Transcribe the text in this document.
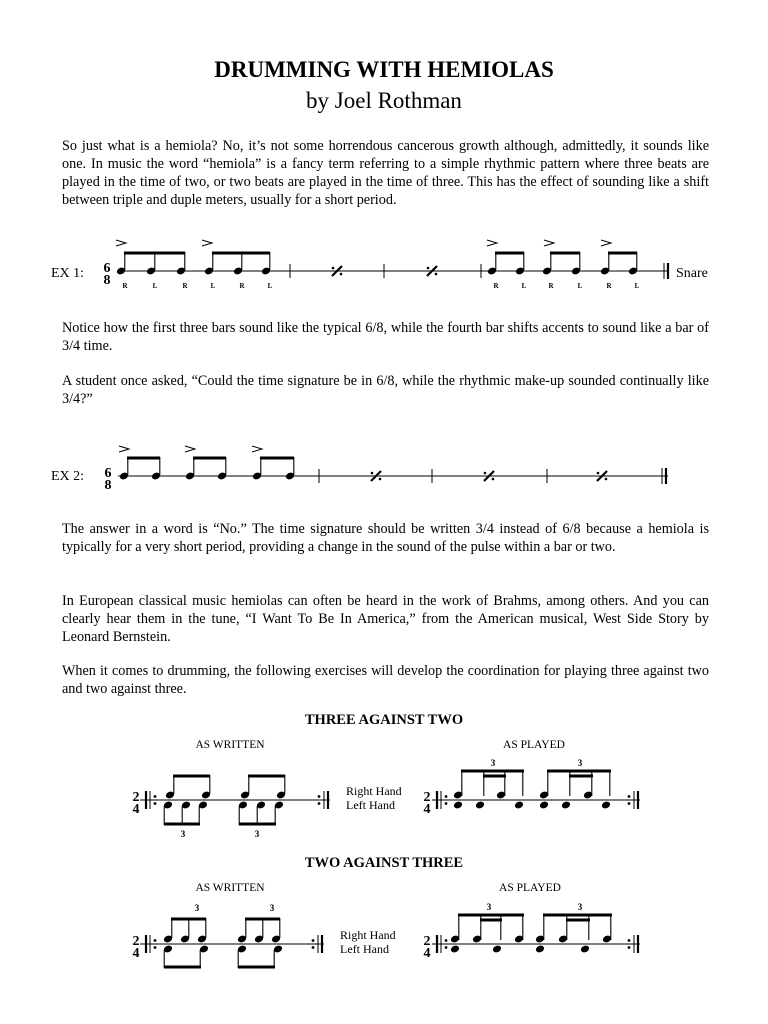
DRUMMING WITH HEMIOLAS
by Joel Rothman

So just what is a hemiola? No, it’s not some horrendous cancerous growth although, admittedly, it sounds like one. In music the word “hemiola” is a fancy term referring to a simple rhythmic pattern where three beats are played in the time of two, or two beats are played in the time of three. This has the effect of sounding like a shift between triple and duple meters, usually for a short period.

EX 1:	Snare

Notice how the first three bars sound like the typical 6/8, while the fourth bar shifts accents to sound like a bar of 3/4 time.

A student once asked, “Could the time signature be in 6/8, while the rhythmic make-up sounded continually like 3/4?”

EX 2:

The answer in a word is “No.” The time signature should be written 3/4 instead of 6/8 because a hemiola is typically for a very short period, providing a change in the sound of the pulse within a bar or two.

In European classical music hemiolas can often be heard in the work of Brahms, among others. And you can clearly hear them in the tune, “I Want To Be In America,” from the American musical, West Side Story by Leonard Bernstein.

When it comes to drumming, the following exercises will develop the coordination for playing three against two and two against three.

THREE AGAINST TWO
AS WRITTEN	AS PLAYED
Right Hand
Left Hand
TWO AGAINST THREE
AS WRITTEN	AS PLAYED
Right Hand
Left Hand
6
8 R	L	R	L	R	L	R	L	R	L	R	L
6
8
2
4
3	3
2
4
3	3
2
4
3	3
2
4
3	3
